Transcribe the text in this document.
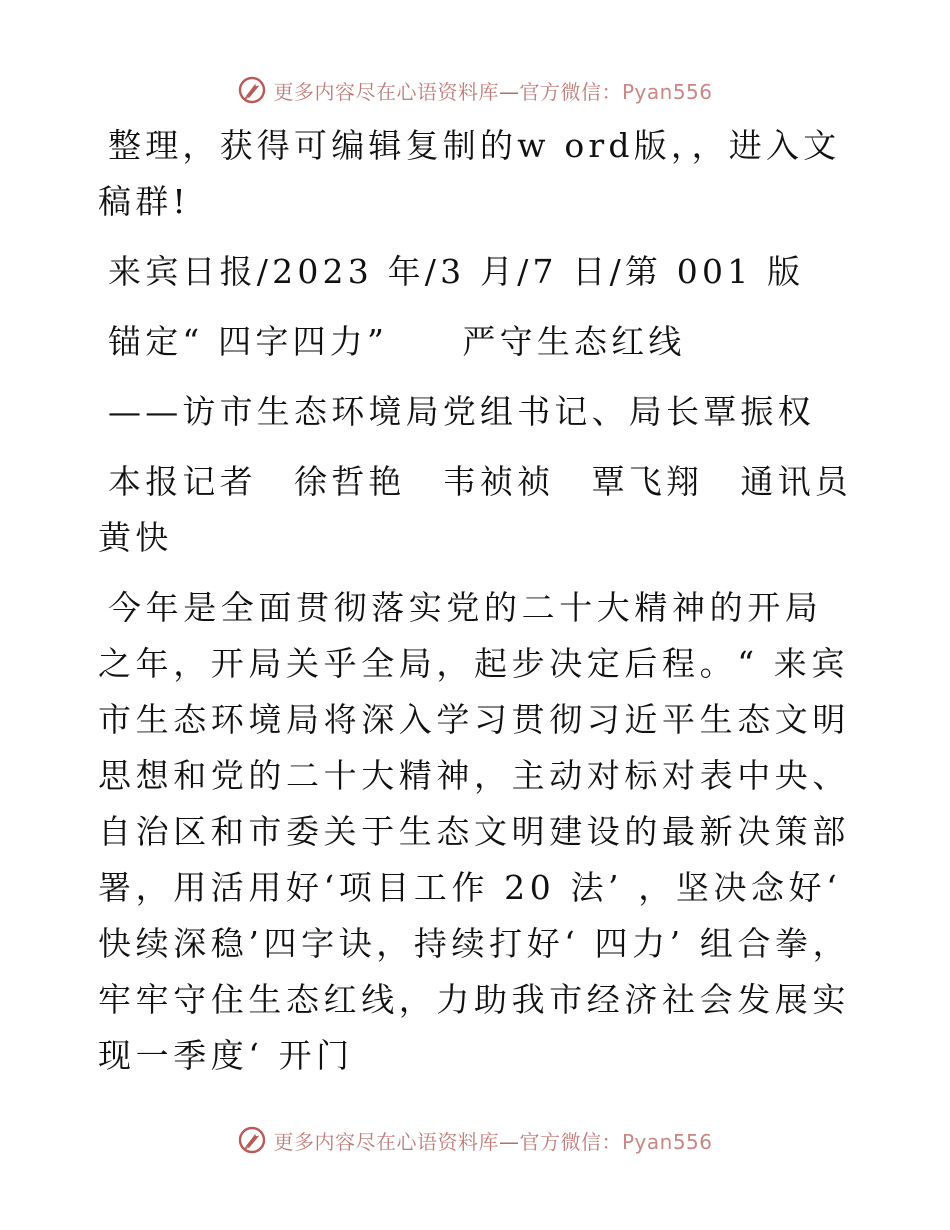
更多内容尽在心语资料库—官方微信：Pyan556

整理，获得可编辑复制的w ord版，，进入文稿群!

来宾日报/2023 年/3 月/7 日/第 001 版

锚定“ 四字四力”　　严守生态红线

——访市生态环境局党组书记、局长覃振权

本报记者　徐哲艳　韦祯祯　覃飞翔　通讯员黄快

今年是全面贯彻落实党的二十大精神的开局之年，开局关乎全局，起步决定后程。“ 来宾市生态环境局将深入学习贯彻习近平生态文明思想和党的二十大精神，主动对标对表中央、自治区和市委关于生态文明建设的最新决策部署，用活用好‘项目工作 20 法’ ，坚决念好‘ 快续深稳’四字诀，持续打好‘ 四力’ 组合拳，牢牢守住生态红线，力助我市经济社会发展实现一季度‘ 开门

更多内容尽在心语资料库—官方微信：Pyan556
